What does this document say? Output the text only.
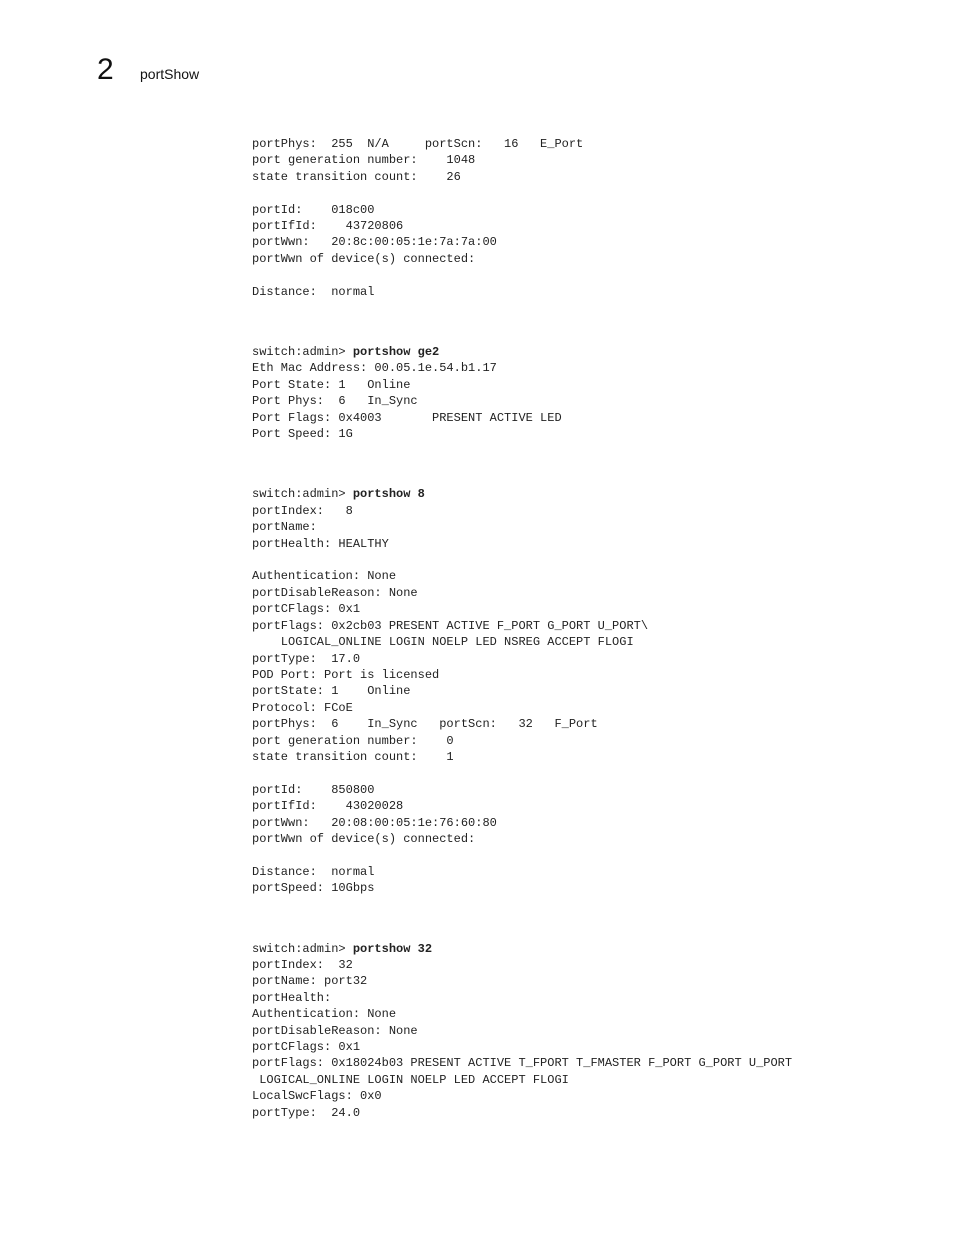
2 portShow
portPhys:  255  N/A     portScn:   16   E_Port
port generation number:    1048
state transition count:    26
portId:    018c00
portIfId:    43720806
portWwn:   20:8c:00:05:1e:7a:7a:00
portWwn of device(s) connected:
Distance:  normal
switch:admin> portshow ge2
Eth Mac Address: 00.05.1e.54.b1.17
Port State: 1   Online
Port Phys:  6   In_Sync
Port Flags: 0x4003       PRESENT ACTIVE LED
Port Speed: 1G
switch:admin> portshow 8
portIndex:   8
portName:
portHealth: HEALTHY
Authentication: None
portDisableReason: None
portCFlags: 0x1
portFlags: 0x2cb03 PRESENT ACTIVE F_PORT G_PORT U_PORT\
LOGICAL_ONLINE LOGIN NOELP LED NSREG ACCEPT FLOGI
portType:  17.0
POD Port: Port is licensed
portState: 1    Online
Protocol: FCoE
portPhys:  6    In_Sync   portScn:   32   F_Port
port generation number:    0
state transition count:    1
portId:    850800
portIfId:    43020028
portWwn:   20:08:00:05:1e:76:60:80
portWwn of device(s) connected:
Distance:  normal
portSpeed: 10Gbps
switch:admin> portshow 32
portIndex:  32
portName: port32
portHealth:
Authentication: None
portDisableReason: None
portCFlags: 0x1
portFlags: 0x18024b03 PRESENT ACTIVE T_FPORT T_FMASTER F_PORT G_PORT U_PORT
LOGICAL_ONLINE LOGIN NOELP LED ACCEPT FLOGI
LocalSwcFlags: 0x0
portType:  24.0
